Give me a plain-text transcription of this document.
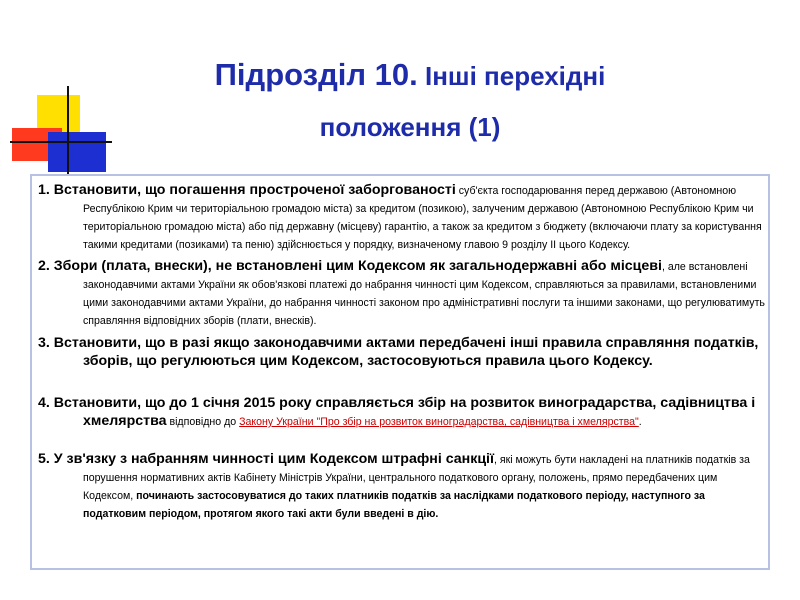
Підрозділ 10. Інші перехідні
положення (1)
1. Встановити, що погашення простроченої заборгованості суб'єкта господарювання перед державою (Автономною Республікою Крим чи територіальною громадою міста) за кредитом (позикою), залученим державою (Автономною Республікою Крим чи територіальною громадою міста) або під державну (місцеву) гарантію, а також за кредитом з бюджету (включаючи плату за користування такими кредитами (позиками) та пеню) здійснюється у порядку, визначеному главою 9 розділу II цього Кодексу.
2. Збори (плата, внески), не встановлені цим Кодексом як загальнодержавні або місцеві, але встановлені законодавчими актами України як обов'язкові платежі до набрання чинності цим Кодексом, справляються за правилами, встановленими цими законодавчими актами України, до набрання чинності законом про адміністративні послуги та іншими законами, що регулюватимуть справляння відповідних зборів (плати, внесків).
3. Встановити, що в разі якщо законодавчими актами передбачені інші правила справляння податків, зборів, що регулюються цим Кодексом, застосовуються правила цього Кодексу.
4. Встановити, що до 1 січня 2015 року справляється збір на розвиток виноградарства, садівництва і хмелярства відповідно до Закону України "Про збір на розвиток виноградарства, садівництва і хмелярства".
5. У зв'язку з набранням чинності цим Кодексом штрафні санкції, які можуть бути накладені на платників податків за порушення нормативних актів Кабінету Міністрів України, центрального податкового органу, положень, прямо передбачених цим Кодексом, починають застосовуватися до таких платників податків за наслідками податкового періоду, наступного за податковим періодом, протягом якого такі акти були введені в дію.
